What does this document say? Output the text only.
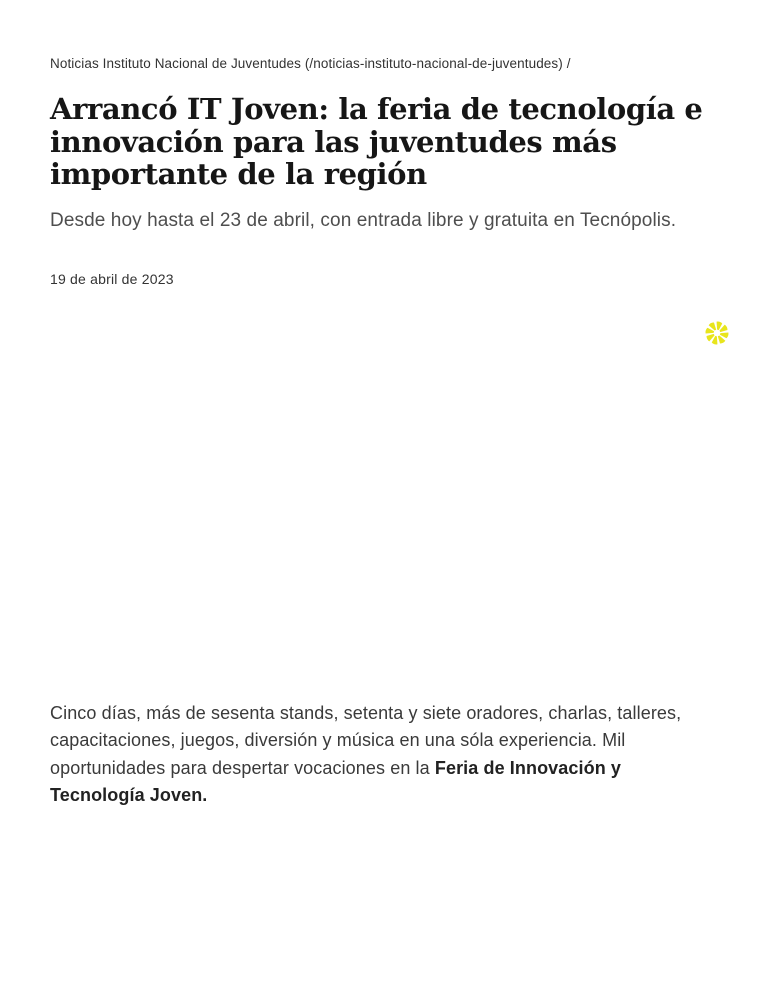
Noticias Instituto Nacional de Juventudes (/noticias-instituto-nacional-de-juventudes) /
Arrancó IT Joven: la feria de tecnología e
innovación para las juventudes más
importante de la región

Desde hoy hasta el 23 de abril, con entrada libre y gratuita en Tecnópolis.

19 de abril de 2023

Cinco días, más de sesenta stands, setenta y siete oradores, charlas, talleres,
capacitaciones, juegos, diversión y música en una sóla experiencia. Mil
oportunidades para despertar vocaciones en la Feria de Innovación y
Tecnología Joven.
